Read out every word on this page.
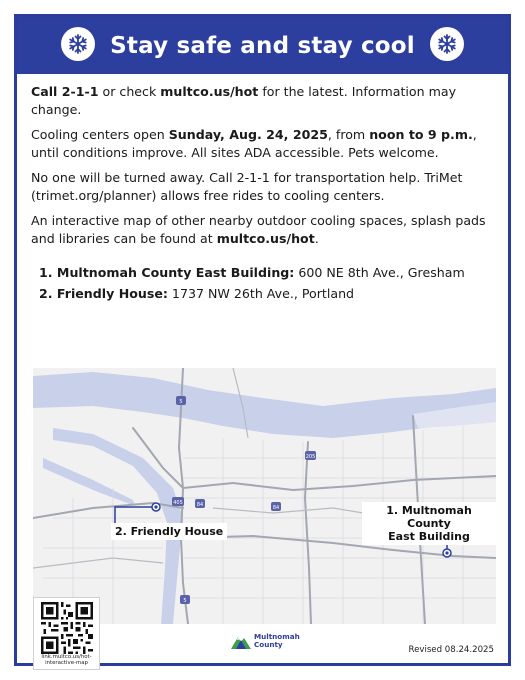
Stay safe and stay cool

Call 2-1-1 or check multco.us/hot for the latest. Information may change.

Cooling centers open Sunday, Aug. 24, 2025, from noon to 9 p.m., until conditions improve. All sites ADA accessible. Pets welcome.

No one will be turned away. Call 2-1-1 for transportation help. TriMet (trimet.org/planner) allows free rides to cooling centers.

An interactive map of other nearby outdoor cooling spaces, splash pads and libraries can be found at multco.us/hot.

1. Multnomah County East Building: 600 NE 8th Ave., Gresham
2. Friendly House: 1737 NW 26th Ave., Portland
5
205
405
84
84
5
2. Friendly House
1. Multnomah County
East Building
link.multco.us/hot-
interactive-map
Multnomah
County
Revised 08.24.2025
